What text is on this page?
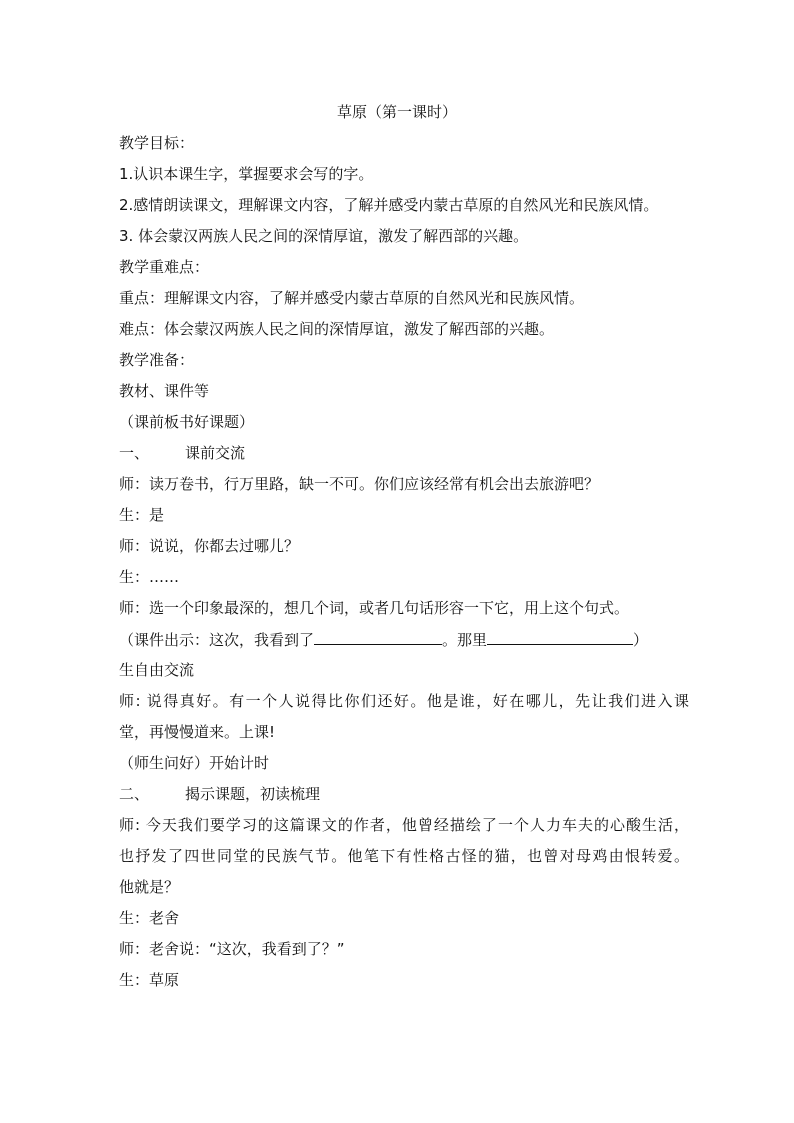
草原（第一课时）
教学目标：
1.认识本课生字，掌握要求会写的字。
2.感情朗读课文，理解课文内容，了解并感受内蒙古草原的自然风光和民族风情。
3. 体会蒙汉两族人民之间的深情厚谊，激发了解西部的兴趣。
教学重难点：
重点：理解课文内容，了解并感受内蒙古草原的自然风光和民族风情。
难点：体会蒙汉两族人民之间的深情厚谊，激发了解西部的兴趣。
教学准备：
教材、课件等
（课前板书好课题）
一、 课前交流
师：读万卷书，行万里路，缺一不可。你们应该经常有机会出去旅游吧？
生：是
师：说说，你都去过哪儿？
生：……
师：选一个印象最深的，想几个词，或者几句话形容一下它，用上这个句式。
（课件出示：这次，我看到了	。那里	）
生自由交流
师: 说得真好。有一个人说得比你们还好。他是谁，好在哪儿，先让我们进入课
堂，再慢慢道来。上课!
（师生问好）开始计时
二、 揭示课题，初读梳理
师: 今天我们要学习的这篇课文的作者，他曾经描绘了一个人力车夫的心酸生活，
也抒发了四世同堂的民族气节。他笔下有性格古怪的猫，也曾对母鸡由恨转爱。
他就是？
生：老舍
师：老舍说：“这次，我看到了？”
生：草原
